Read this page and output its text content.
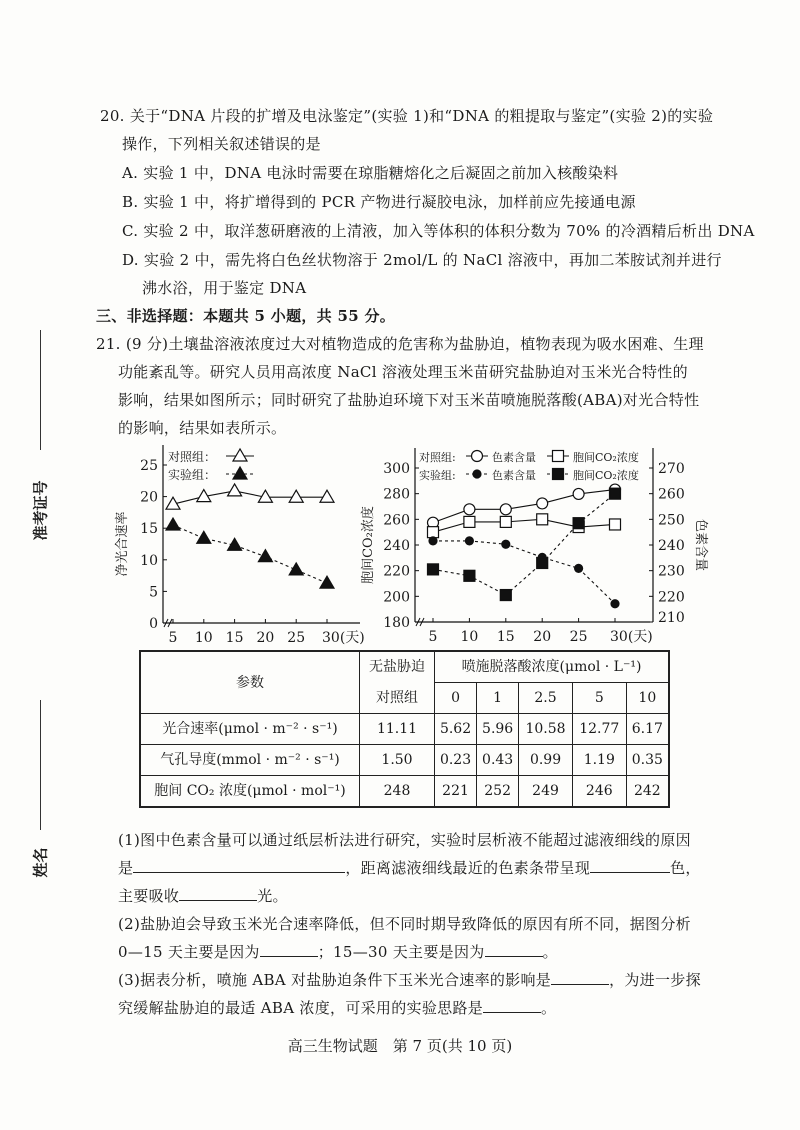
准考证号
姓名
20. 关于“DNA 片段的扩增及电泳鉴定”(实验 1)和“DNA 的粗提取与鉴定”(实验 2)的实验
操作，下列相关叙述错误的是
A. 实验 1 中，DNA 电泳时需要在琼脂糖熔化之后凝固之前加入核酸染料
B. 实验 1 中，将扩增得到的 PCR 产物进行凝胶电泳，加样前应先接通电源
C. 实验 2 中，取洋葱研磨液的上清液，加入等体积的体积分数为 70% 的冷酒精后析出 DNA
D. 实验 2 中，需先将白色丝状物溶于 2mol/L 的 NaCl 溶液中，再加二苯胺试剂并进行
沸水浴，用于鉴定 DNA
三、非选择题：本题共 5 小题，共 55 分。
21. (9 分)土壤盐溶液浓度过大对植物造成的危害称为盐胁迫，植物表现为吸水困难、生理
功能紊乱等。研究人员用高浓度 NaCl 溶液处理玉米苗研究盐胁迫对玉米光合特性的
影响，结果如图所示；同时研究了盐胁迫环境下对玉米苗喷施脱落酸(ABA)对光合特性
的影响，结果如表所示。
0
5
10
15
20
25
5 10 15 20 25 30(天)
净光合速率
对照组：
实验组：
180
200
220
240
260
280
300
210
220
230
240
250
260
270
5 10 15 20 25 30(天)
胞间CO₂浓度	色素含量
对照组:
实验组:
色素含量	胞间CO₂浓度
色素含量	胞间CO₂浓度
参数	无盐胁迫	喷施脱落酸浓度(μmol · L⁻¹)				
	对照组	0	1	2.5	5	10
光合速率(μmol · m⁻² · s⁻¹)	11.11	5.62	5.96	10.58	12.77	6.17
气孔导度(mmol · m⁻² · s⁻¹)	1.50	0.23	0.43	0.99	1.19	0.35
胞间 CO₂ 浓度(μmol · mol⁻¹)	248	221	252	249	246	242
(1)图中色素含量可以通过纸层析法进行研究，实验时层析液不能超过滤液细线的原因
是	，距离滤液细线最近的色素条带呈现	色，
主要吸收	光。
(2)盐胁迫会导致玉米光合速率降低，但不同时期导致降低的原因有所不同，据图分析
0—15 天主要是因为	；15—30 天主要是因为	。
(3)据表分析，喷施 ABA 对盐胁迫条件下玉米光合速率的影响是	，为进一步探
究缓解盐胁迫的最适 ABA 浓度，可采用的实验思路是	。
高三生物试题　第 7 页(共 10 页)
